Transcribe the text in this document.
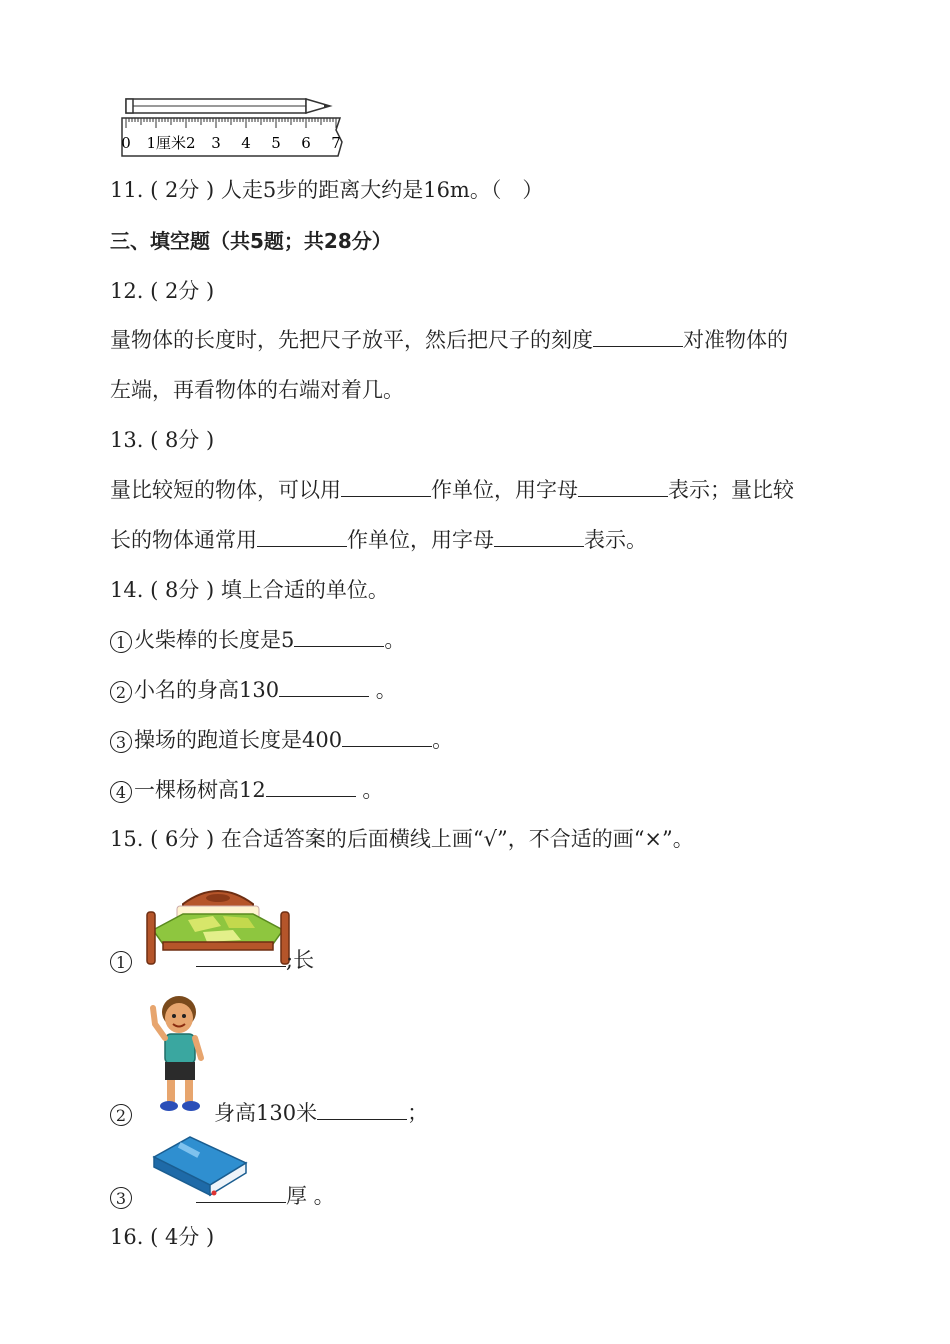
0 1厘米2 3 4 5 6 7
11. ( 2分 ) 人走5步的距离大约是16m。（　）
三、填空题（共5题；共28分）
12. ( 2分 )
量物体的长度时，先把尺子放平，然后把尺子的刻度	对准物体的
左端，再看物体的右端对着几。
13. ( 8分 )
量比较短的物体，可以用	作单位，用字母	表示；量比较
长的物体通常用	作单位，用字母	表示。
14. ( 8分 ) 填上合适的单位。
1 火柴棒的长度是5	。
2 小名的身高130	。
3 操场的跑道长度是400	。
4 一棵杨树高12	。
15. ( 6分 ) 在合适答案的后面横线上画“√”，不合适的画“×”。
1	;长
2	身高130米	；
3	厚 。
16. ( 4分 )
